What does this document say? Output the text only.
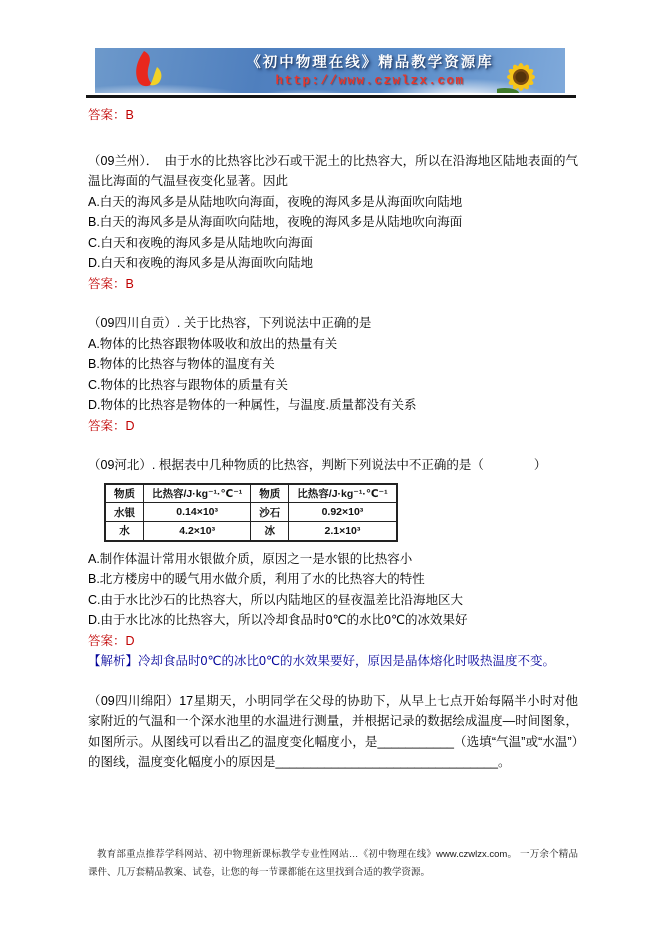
《初中物理在线》精品教学资源库
http://www.czwlzx.com

答案：B

（09兰州）．　由于水的比热容比沙石或干泥土的比热容大，所以在沿海地区陆地表面的气温比海面的气温昼夜变化显著。因此

A.白天的海风多是从陆地吹向海面，夜晚的海风多是从海面吹向陆地

B.白天的海风多是从海面吹向陆地，夜晚的海风多是从陆地吹向海面

C.白天和夜晚的海风多是从陆地吹向海面

D.白天和夜晚的海风多是从海面吹向陆地

答案：B

（09四川自贡）. 关于比热容，下列说法中正确的是

A.物体的比热容跟物体吸收和放出的热量有关

B.物体的比热容与物体的温度有关

C.物体的比热容与跟物体的质量有关

D.物体的比热容是物体的一种属性，与温度.质量都没有关系

答案：D

（09河北）. 根据表中几种物质的比热容，判断下列说法中不正确的是（　　　　）

物质	比热容/J·kg⁻¹·℃⁻¹	物质	比热容/J·kg⁻¹·℃⁻¹
水银	0.14×10³	沙石	0.92×10³
水	4.2×10³	冰	2.1×10³

A.制作体温计常用水银做介质，原因之一是水银的比热容小

B.北方楼房中的暖气用水做介质，利用了水的比热容大的特性

C.由于水比沙石的比热容大，所以内陆地区的昼夜温差比沿海地区大

D.由于水比冰的比热容大，所以冷却食品时0℃的水比0℃的冰效果好

答案：D

【解析】冷却食品时0℃的冰比0℃的水效果要好，原因是晶体熔化时吸热温度不变。

（09四川绵阳）17星期天，小明同学在父母的协助下，从早上七点开始每隔半小时对他家附近的气温和一个深水池里的水温进行测量，并根据记录的数据绘成温度—时间图象，如图所示。从图线可以看出乙的温度变化幅度小，是___________（选填“气温”或“水温”）的图线，温度变化幅度小的原因是________________________________。

教育部重点推荐学科网站、初中物理新课标教学专业性网站…《初中物理在线》www.czwlzx.com。 一万余个精品课件、几万套精品教案、试卷，让您的每一节课都能在这里找到合适的教学资源。
